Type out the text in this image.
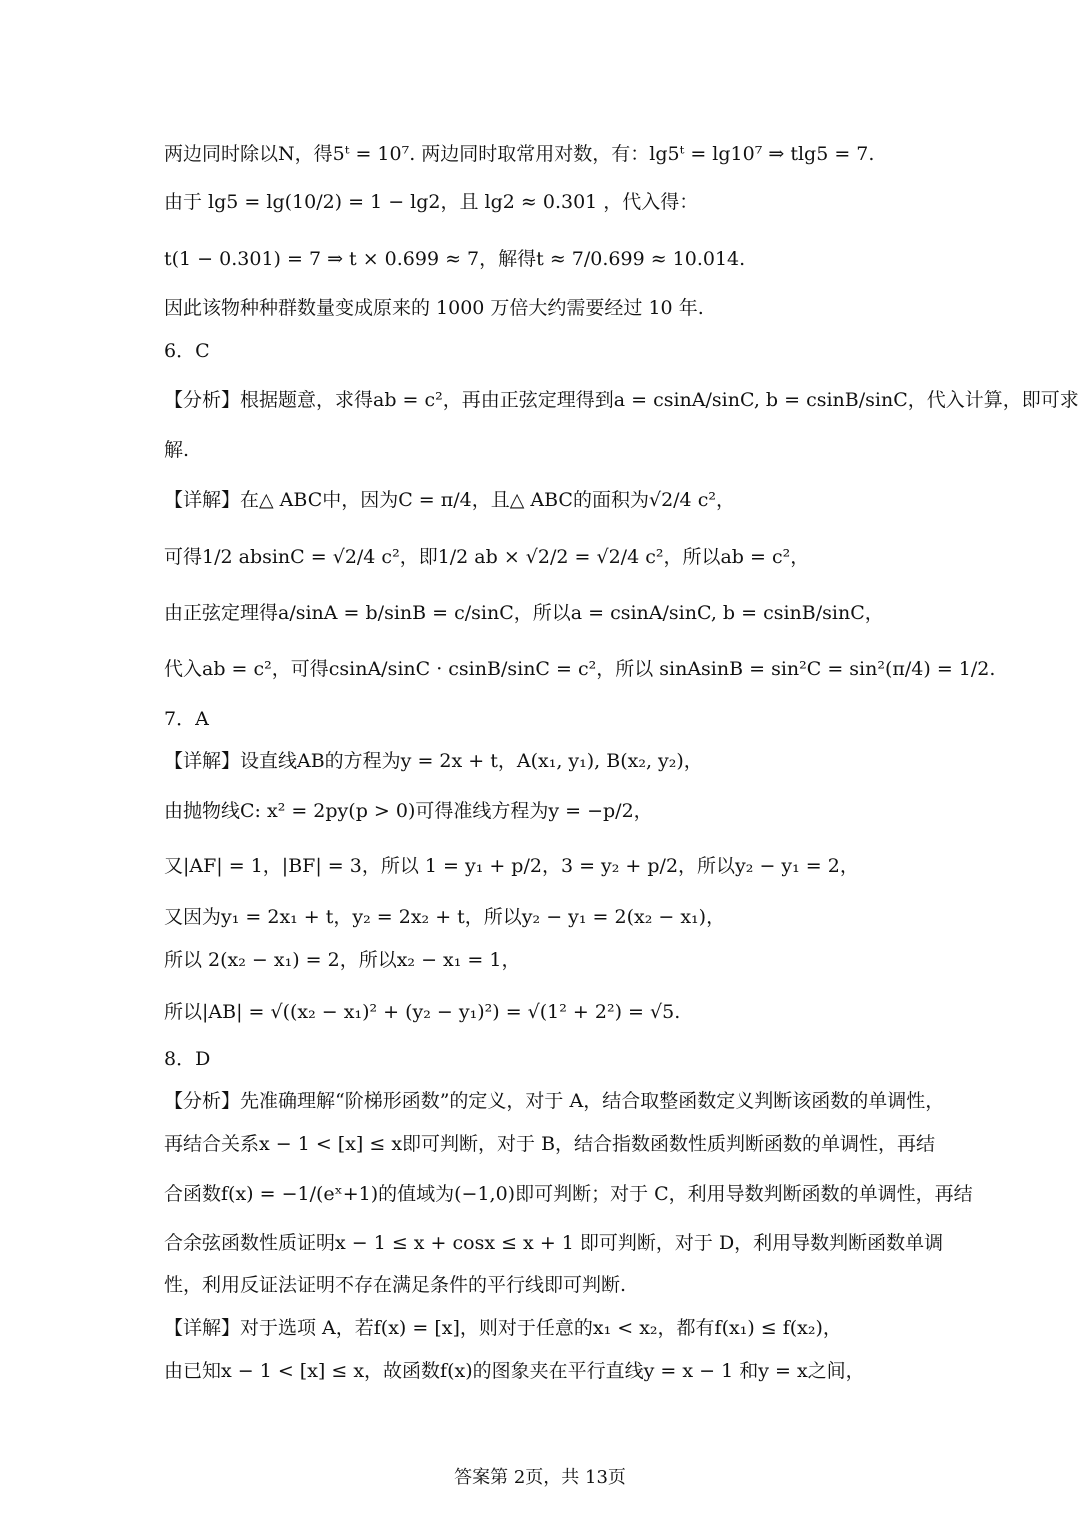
两边同时除以N，得5ᵗ = 10⁷. 两边同时取常用对数，有：lg5ᵗ = lg10⁷ ⇒ tlg5 = 7.
由于 lg5 = lg(10/2) = 1 − lg2，且 lg2 ≈ 0.301 ，代入得：
t(1 − 0.301) = 7 ⇒ t × 0.699 ≈ 7，解得t ≈ 7/0.699 ≈ 10.014.
因此该物种种群数量变成原来的 1000 万倍大约需要经过 10 年.
6．C
【分析】根据题意，求得ab = c²，再由正弦定理得到a = csinA/sinC, b = csinB/sinC，代入计算，即可求
解.
【详解】在△ ABC中，因为C = π/4，且△ ABC的面积为√2/4 c²，
可得1/2 absinC = √2/4 c²，即1/2 ab × √2/2 = √2/4 c²，所以ab = c²，
由正弦定理得a/sinA = b/sinB = c/sinC，所以a = csinA/sinC, b = csinB/sinC，
代入ab = c²，可得csinA/sinC · csinB/sinC = c²，所以 sinAsinB = sin²C = sin²(π/4) = 1/2.
7．A
【详解】设直线AB的方程为y = 2x + t，A(x₁, y₁), B(x₂, y₂)，
由抛物线C: x² = 2py(p > 0)可得准线方程为y = −p/2，
又|AF| = 1，|BF| = 3，所以 1 = y₁ + p/2，3 = y₂ + p/2，所以y₂ − y₁ = 2，
又因为y₁ = 2x₁ + t，y₂ = 2x₂ + t，所以y₂ − y₁ = 2(x₂ − x₁)，
所以 2(x₂ − x₁) = 2，所以x₂ − x₁ = 1，
所以|AB| = √((x₂ − x₁)² + (y₂ − y₁)²) = √(1² + 2²) = √5.
8．D
【分析】先准确理解“阶梯形函数”的定义，对于 A，结合取整函数定义判断该函数的单调性，
再结合关系x − 1 < [x] ≤ x即可判断，对于 B，结合指数函数性质判断函数的单调性，再结
合函数f(x) = −1/(eˣ+1)的值域为(−1,0)即可判断；对于 C，利用导数判断函数的单调性，再结
合余弦函数性质证明x − 1 ≤ x + cosx ≤ x + 1 即可判断，对于 D，利用导数判断函数单调
性，利用反证法证明不存在满足条件的平行线即可判断.
【详解】对于选项 A，若f(x) = [x]，则对于任意的x₁ < x₂，都有f(x₁) ≤ f(x₂)，
由已知x − 1 < [x] ≤ x，故函数f(x)的图象夹在平行直线y = x − 1 和y = x之间，
答案第 2页，共 13页
